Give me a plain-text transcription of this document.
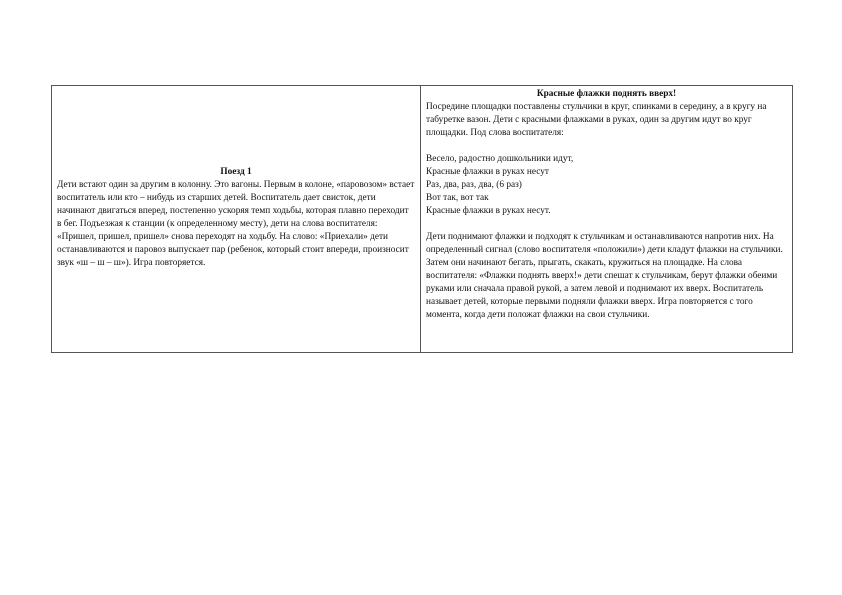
Поезд 1
Дети встают один за другим в колонну. Это вагоны. Первым в колоне, «паровозом» встает воспитатель или кто – нибудь из старших детей. Воспитатель дает свисток, дети начинают двигаться вперед, постепенно ускоряя темп ходьбы, которая плавно переходит в бег. Подъезжая к станции (к определенному месту), дети на слова воспитателя: «Пришел, пришел, пришел» снова переходят на ходьбу. На слово: «Приехали» дети останавливаются и паровоз выпускает пар (ребенок, который стоит впереди, произносит звук «ш – ш – ш»). Игра повторяется.

Красные флажки поднять вверх!
Посредине площадки поставлены стульчики в круг, спинками в середину, а в кругу на табуретке вазон. Дети с красными флажками в руках, один за другим идут во круг площадки. Под слова воспитателя:
Весело, радостно дошкольники идут,
Красные флажки в руках несут
Раз, два, раз, два, (6 раз)
Вот так, вот так
Красные флажки в руках несут.
Дети поднимают флажки и подходят к стульчикам и останавливаются напротив них. На определенный сигнал (слово воспитателя «положили») дети кладут флажки на стульчики. Затем они начинают бегать, прыгать, скакать, кружиться на площадке. На слова воспитателя: «Флажки поднять вверх!» дети спешат к стульчикам, берут флажки обеими руками или сначала правой рукой, а затем левой и поднимают их вверх. Воспитатель называет детей, которые первыми подняли флажки вверх. Игра повторяется с того момента, когда дети положат флажки на свои стульчики.
